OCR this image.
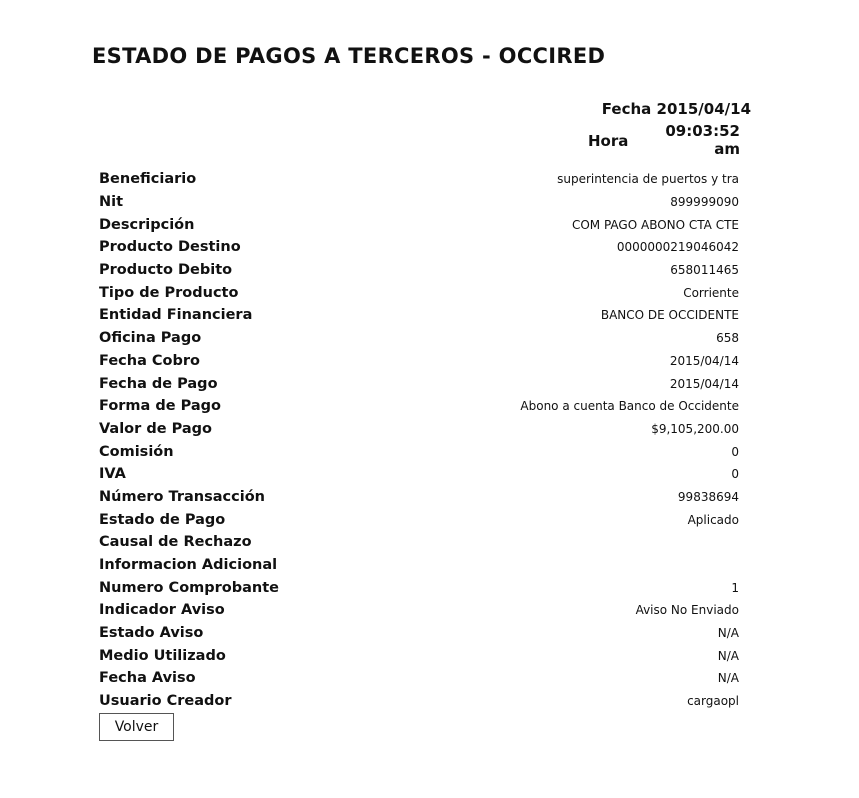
ESTADO DE PAGOS A TERCEROS - OCCIRED
Fecha 2015/04/14
Hora
09:03:52
am
Beneficiario	superintencia de puertos y tra
Nit	899999090
Descripción	COM PAGO ABONO CTA CTE
Producto Destino	0000000219046042
Producto Debito	658011465
Tipo de Producto	Corriente
Entidad Financiera	BANCO DE OCCIDENTE
Oficina Pago	658
Fecha Cobro	2015/04/14
Fecha de Pago	2015/04/14
Forma de Pago	Abono a cuenta Banco de Occidente
Valor de Pago	$9,105,200.00
Comisión	0
IVA	0
Número Transacción	99838694
Estado de Pago	Aplicado
Causal de Rechazo
Informacion Adicional
Numero Comprobante	1
Indicador Aviso	Aviso No Enviado
Estado Aviso	N/A
Medio Utilizado	N/A
Fecha Aviso	N/A
Usuario Creador	cargaopl
Volver
